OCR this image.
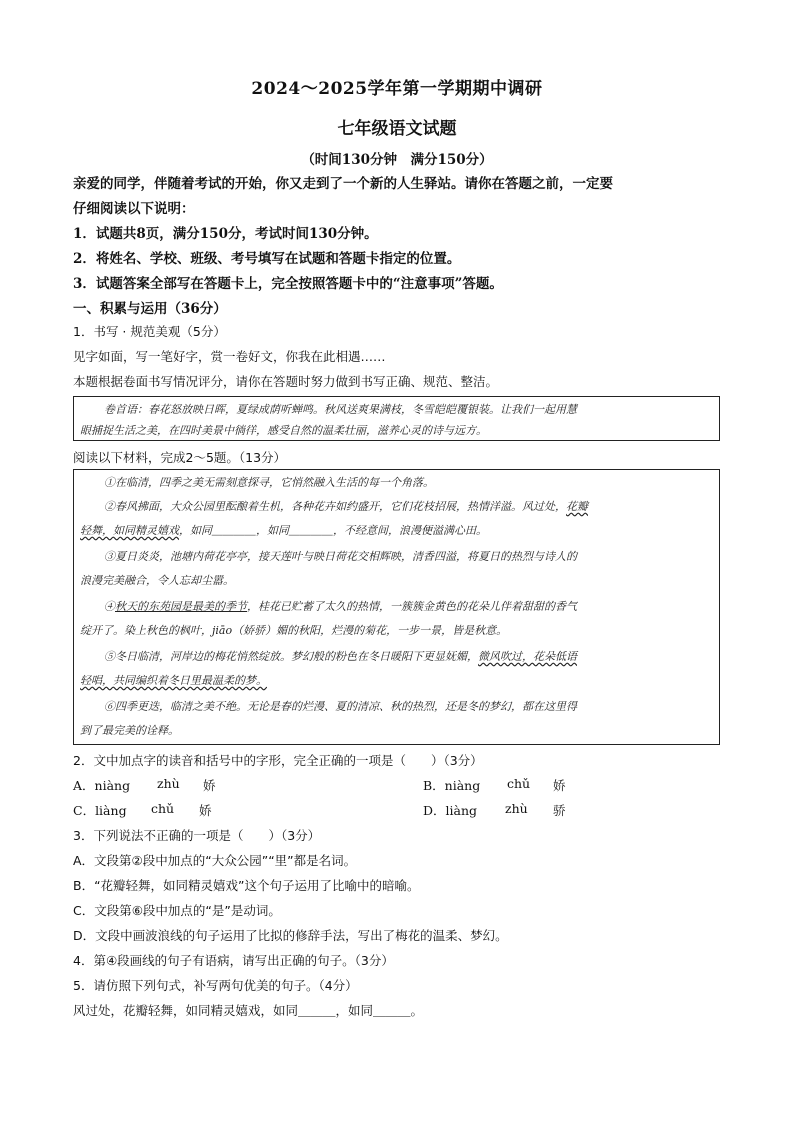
2024～2025学年第一学期期中调研
七年级语文试题
（时间130分钟　满分150分）
亲爱的同学，伴随着考试的开始，你又走到了一个新的人生驿站。请你在答题之前，一定要
仔细阅读以下说明：
1．试题共8页，满分150分，考试时间130分钟。
2．将姓名、学校、班级、考号填写在试题和答题卡指定的位置。
3．试题答案全部写在答题卡上，完全按照答题卡中的“注意事项”答题。
一、积累与运用（36分）
1．书写 · 规范美观（5分）
见字如面，写一笔好字，赏一卷好文，你我在此相遇……
本题根据卷面书写情况评分，请你在答题时努力做到书写正确、规范、整洁。
卷首语：春花怒放映日晖，夏绿成荫听蝉鸣。秋风送爽果满枝，冬雪皑皑覆银装。让我们一起用慧
眼捕捉生活之美，在四时美景中徜徉，感受自然的温柔壮丽，滋养心灵的诗与远方。
阅读以下材料，完成2～5题。（13分）
①在临清，四季之美无需刻意探寻，它悄然融入生活的每一个角落。
②春风拂面，大众公园里酝酿着生机，各种花卉如约盛开，它们花枝招展，热情洋溢。风过处，花瓣
轻舞，如同精灵嬉戏，如同＿＿＿＿，如同＿＿＿＿，不经意间，浪漫便溢满心田。
③夏日炎炎，池塘内荷花亭亭，接天莲叶与映日荷花交相辉映，清香四溢，将夏日的热烈与诗人的
浪漫完美融合，令人忘却尘嚣。
④秋天的东苑园是最美的季节，桂花已贮蓄了太久的热情，一簇簇金黄色的花朵儿伴着甜甜的香气
绽开了。染上秋色的枫叶，jiāo（娇骄）媚的秋阳，烂漫的菊花，一步一景，皆是秋意。
⑤冬日临清，河岸边的梅花悄然绽放。梦幻般的粉色在冬日暖阳下更显妩媚，微风吹过，花朵低语
轻唱，共同编织着冬日里最温柔的梦。
⑥四季更迭，临清之美不绝。无论是春的烂漫、夏的清凉、秋的热烈，还是冬的梦幻，都在这里得
到了最完美的诠释。
2．文中加点字的读音和括号中的字形，完全正确的一项是（　　）（3分）
A．niàng zhù 娇	B．niàng chǔ 娇
C．liàng chǔ 娇	D．liàng zhù 骄
3．下列说法不正确的一项是（　　）（3分）
A．文段第②段中加点的“大众公园”“里”都是名词。
B．“花瓣轻舞，如同精灵嬉戏”这个句子运用了比喻中的暗喻。
C．文段第⑥段中加点的“是”是动词。
D．文段中画波浪线的句子运用了比拟的修辞手法，写出了梅花的温柔、梦幻。
4．第④段画线的句子有语病，请写出正确的句子。（3分）
5．请仿照下列句式，补写两句优美的句子。（4分）
风过处，花瓣轻舞，如同精灵嬉戏，如同＿＿＿，如同＿＿＿。
